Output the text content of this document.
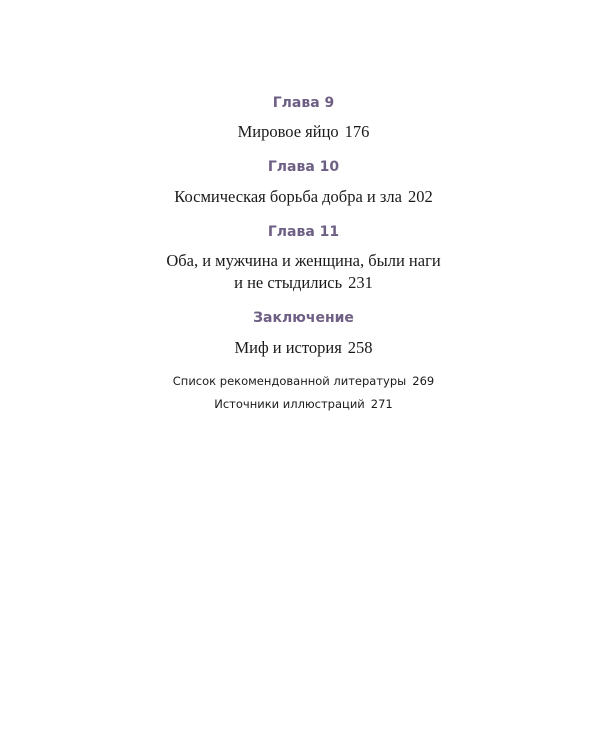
Глава 9
Мировое яйцо 176
Глава 10
Космическая борьба добра и зла 202
Глава 11
Оба, и мужчина и женщина, были наги
и не стыдились 231
Заключение
Миф и история 258
Список рекомендованной литературы 269
Источники иллюстраций 271
